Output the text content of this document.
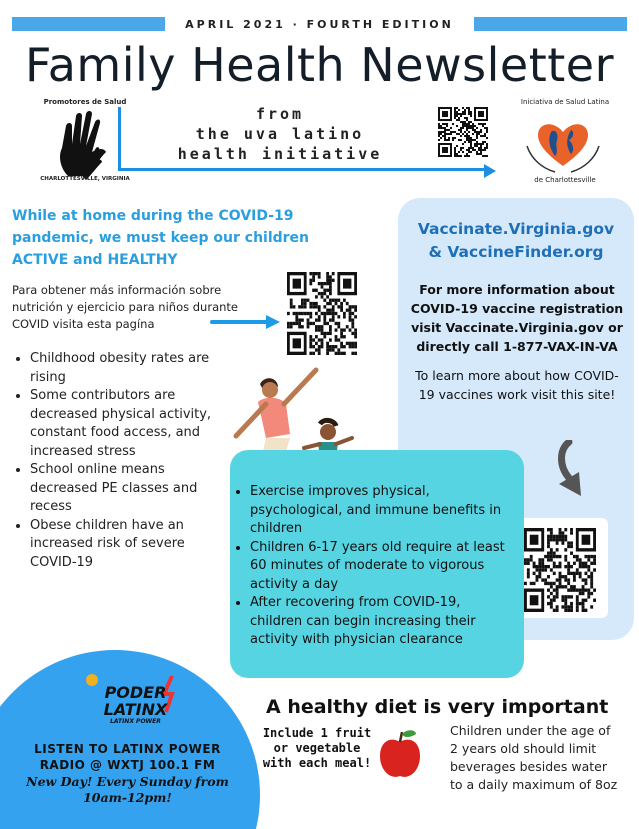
APRIL 2021 · FOURTH EDITION
Family Health Newsletter
Promotores de Salud
CHARLOTTESVILLE, VIRGINIA
from
the uva latino
health initiative
Iniciativa de Salud Latina
de Charlottesville
While at home during the COVID-19 pandemic, we must keep our children ACTIVE and HEALTHY
Para obtener más información sobre nutrición y ejercicio para niños durante COVID visita esta pagína
• Childhood obesity rates are rising
• Some contributors are decreased physical activity, constant food access, and increased stress
• School online means decreased PE classes and recess
• Obese children have an increased risk of severe COVID-19
Vaccinate.Virginia.gov
& VaccineFinder.org
For more information about COVID-19 vaccine registration visit Vaccinate.Virginia.gov or directly call 1-877-VAX-IN-VA
To learn more about how COVID-19 vaccines work visit this site!
• Exercise improves physical, psychological, and immune benefits in children
• Children 6-17 years old require at least 60 minutes of moderate to vigorous activity a day
• After recovering from COVID-19, children can begin increasing their activity with physician clearance
PODER
LATINX
LATINX POWER
LISTEN TO LATINX POWER RADIO @ WXTJ 100.1 FM
New Day! Every Sunday from 10am-12pm!
A healthy diet is very important
Include 1 fruit or vegetable with each meal!
Children under the age of 2 years old should limit beverages besides water to a daily maximum of 8oz
